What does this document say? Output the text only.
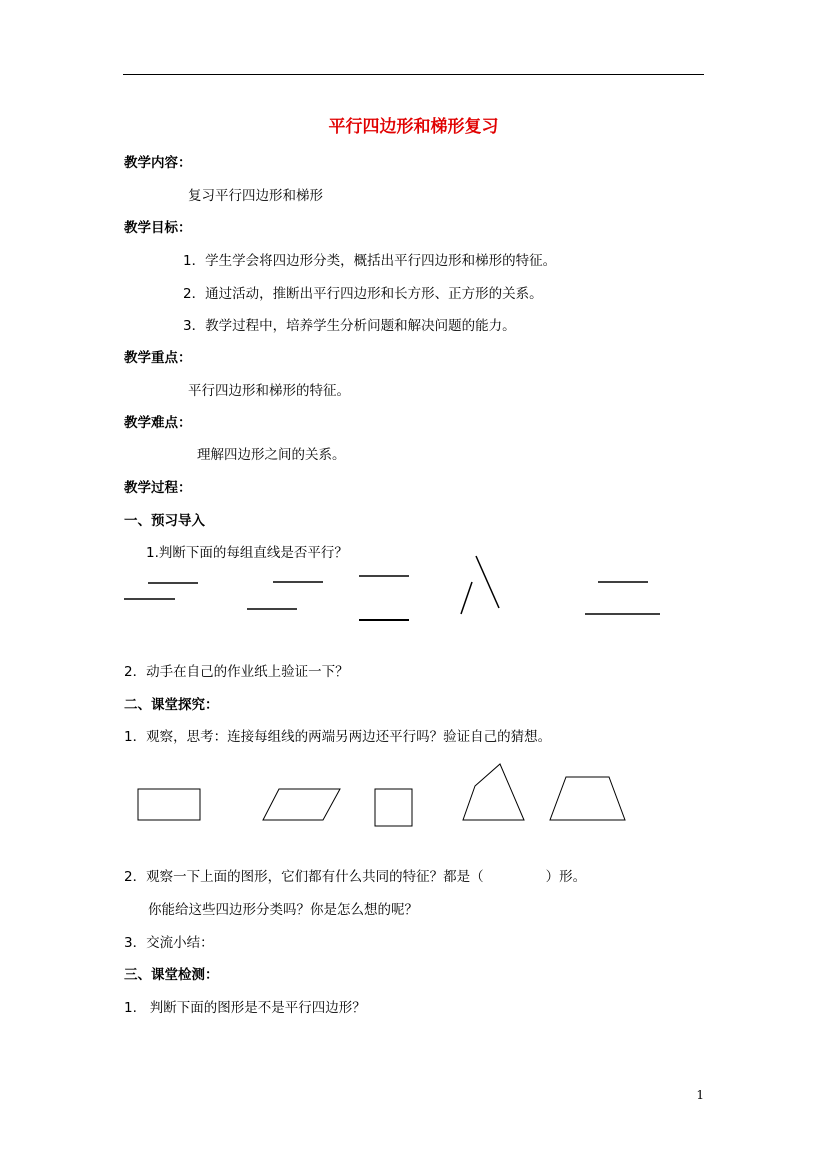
平行四边形和梯形复习
教学内容：
复习平行四边形和梯形
教学目标：
1．学生学会将四边形分类，概括出平行四边形和梯形的特征。
2．通过活动，推断出平行四边形和长方形、正方形的关系。
3．教学过程中，培养学生分析问题和解决问题的能力。
教学重点：
平行四边形和梯形的特征。
教学难点：
理解四边形之间的关系。
教学过程：
一、预习导入
1.判断下面的每组直线是否平行？
2．动手在自己的作业纸上验证一下？
二、课堂探究：
1．观察，思考：连接每组线的两端另两边还平行吗？验证自己的猜想。
2．观察一下上面的图形，它们都有什么共同的特征？都是（	）形。
你能给这些四边形分类吗？你是怎么想的呢？
3．交流小结：
三、课堂检测：
1.   判断下面的图形是不是平行四边形？
1
